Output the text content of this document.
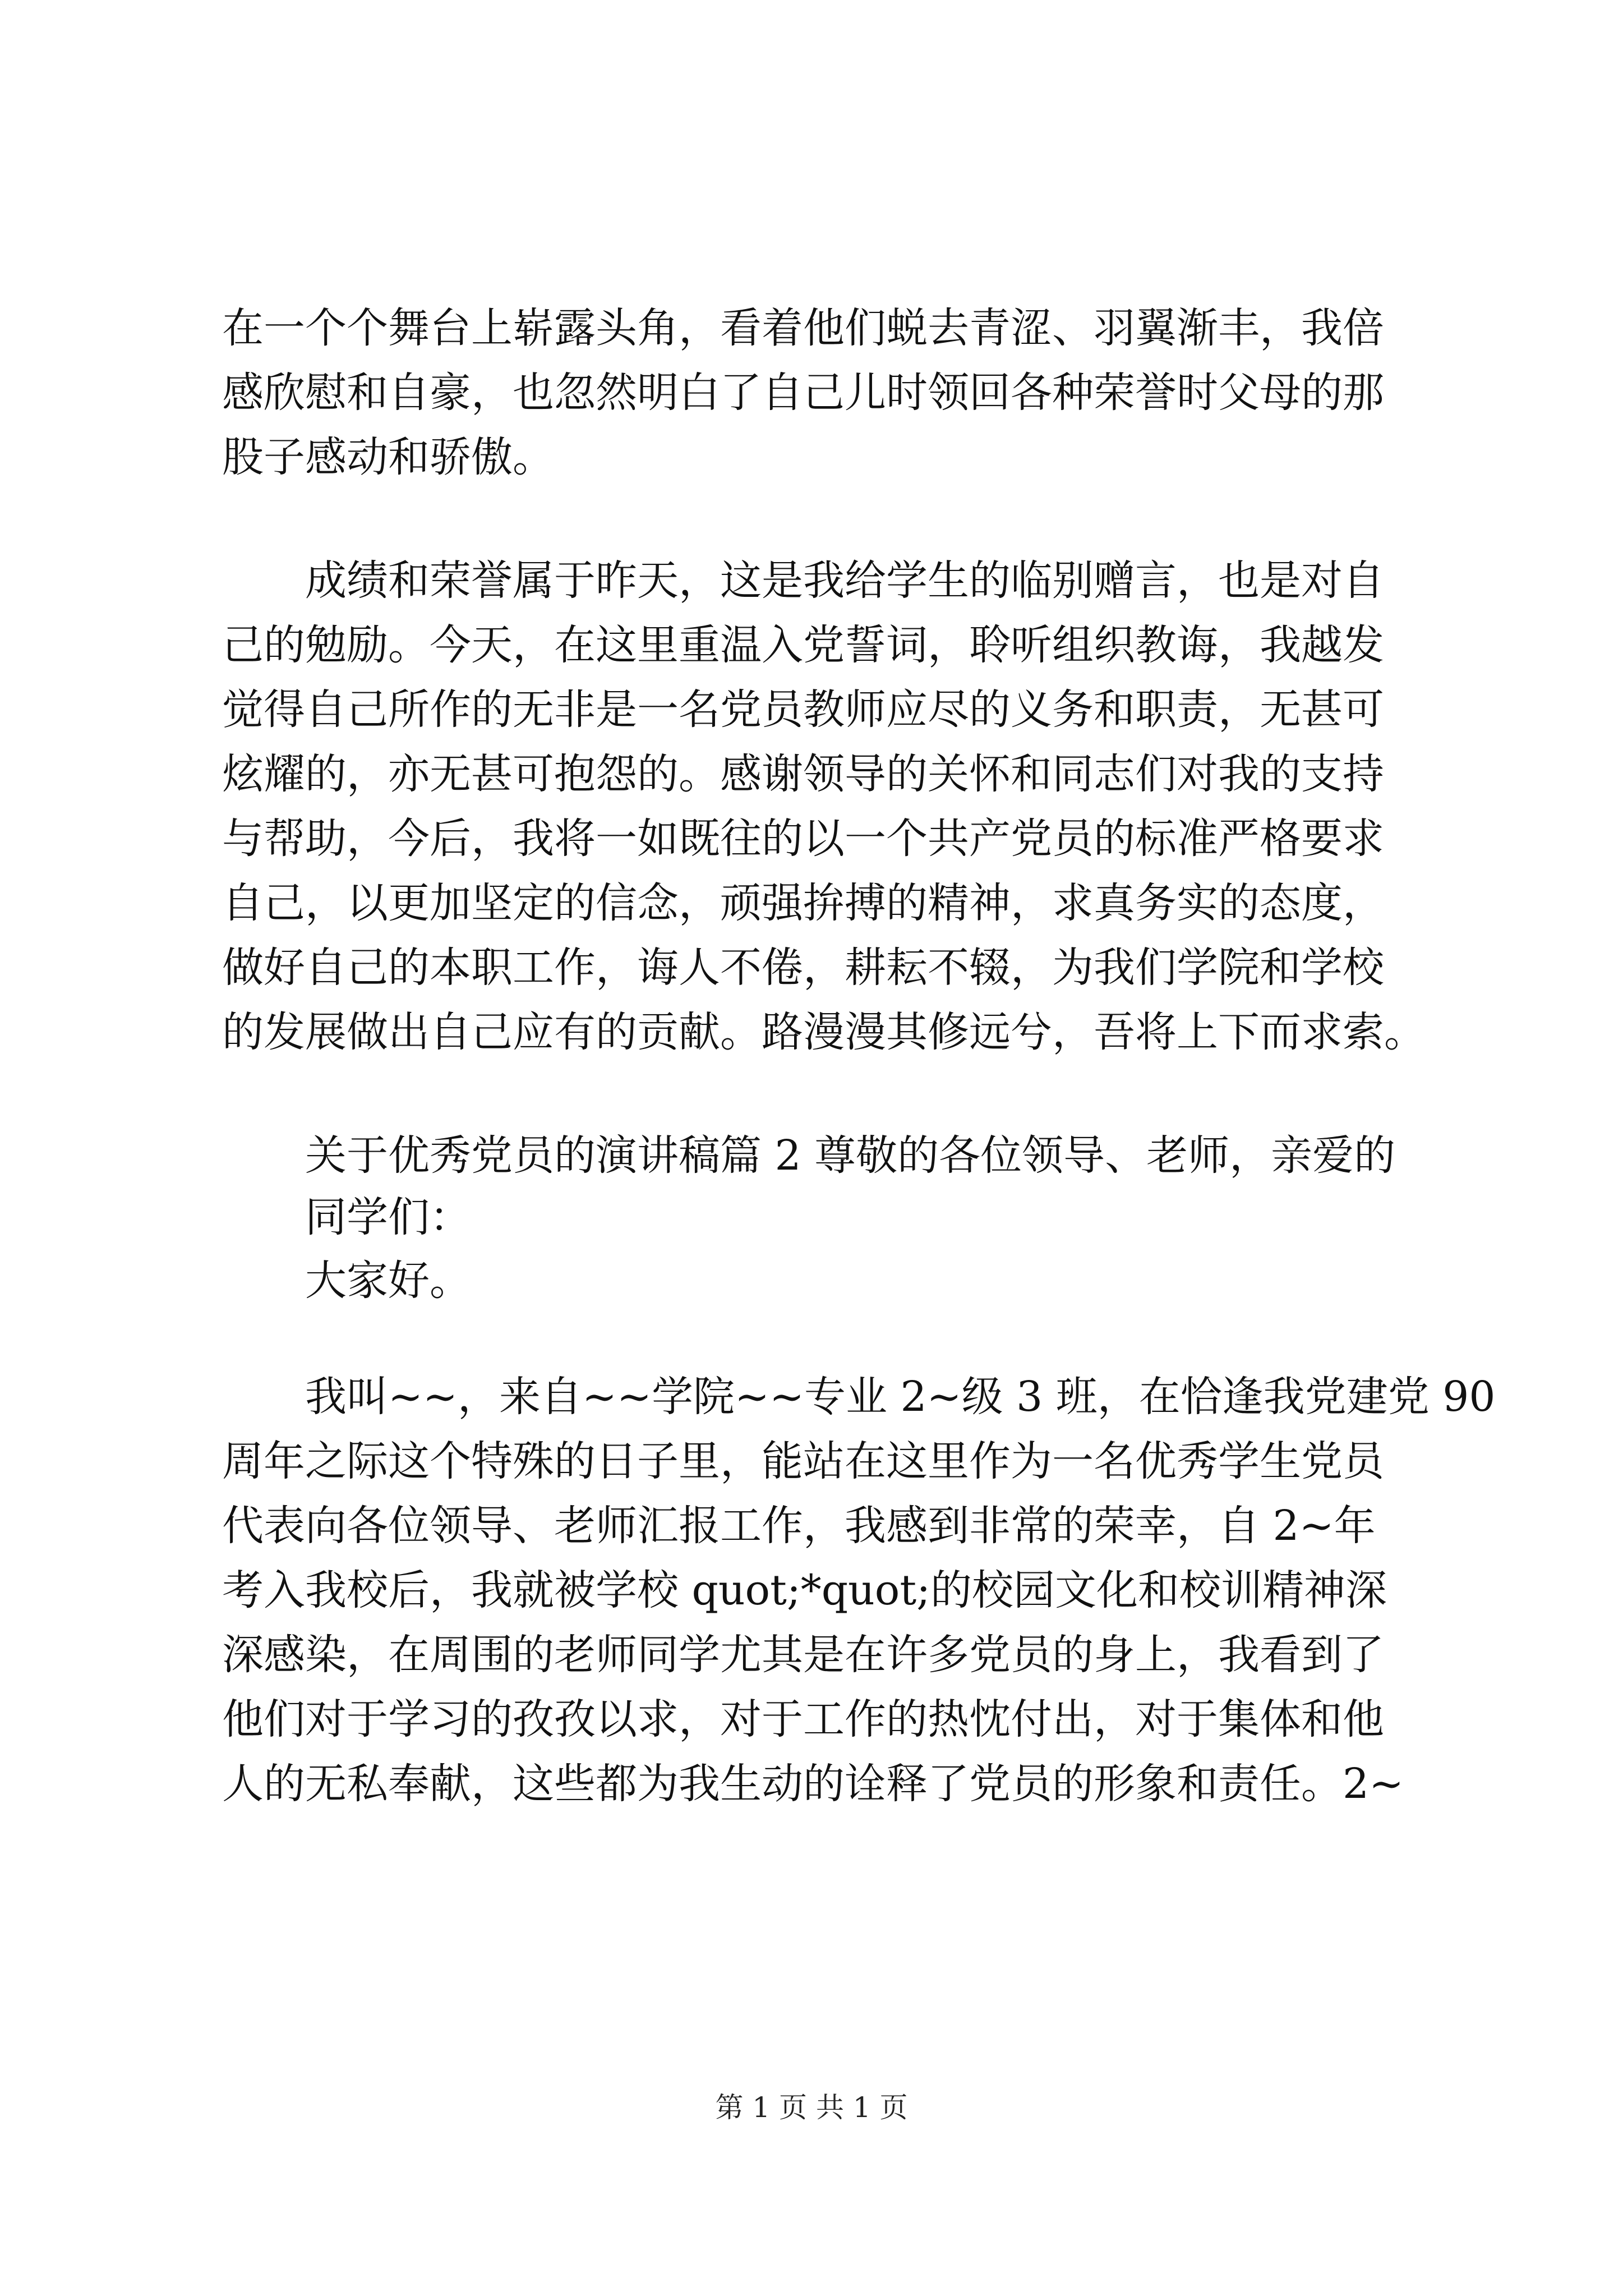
在一个个舞台上崭露头角，看着他们蜕去青涩、羽翼渐丰，我倍
感欣慰和自豪，也忽然明白了自己儿时领回各种荣誉时父母的那
股子感动和骄傲。
成绩和荣誉属于昨天，这是我给学生的临别赠言，也是对自
己的勉励。今天，在这里重温入党誓词，聆听组织教诲，我越发
觉得自己所作的无非是一名党员教师应尽的义务和职责，无甚可
炫耀的，亦无甚可抱怨的。感谢领导的关怀和同志们对我的支持
与帮助，今后，我将一如既往的以一个共产党员的标准严格要求
自己，以更加坚定的信念，顽强拚搏的精神，求真务实的态度，
做好自己的本职工作，诲人不倦，耕耘不辍，为我们学院和学校
的发展做出自己应有的贡献。路漫漫其修远兮，吾将上下而求索。
关于优秀党员的演讲稿篇 2 尊敬的各位领导、老师，亲爱的
同学们：
大家好。
我叫~~，来自~~学院~~专业 2~级 3 班，在恰逢我党建党 90
周年之际这个特殊的日子里，能站在这里作为一名优秀学生党员
代表向各位领导、老师汇报工作，我感到非常的荣幸，自 2~年
考入我校后，我就被学校 quot;*quot;的校园文化和校训精神深
深感染，在周围的老师同学尤其是在许多党员的身上，我看到了
他们对于学习的孜孜以求，对于工作的热忱付出，对于集体和他
人的无私奉献，这些都为我生动的诠释了党员的形象和责任。2~
第 1 页 共 1 页
